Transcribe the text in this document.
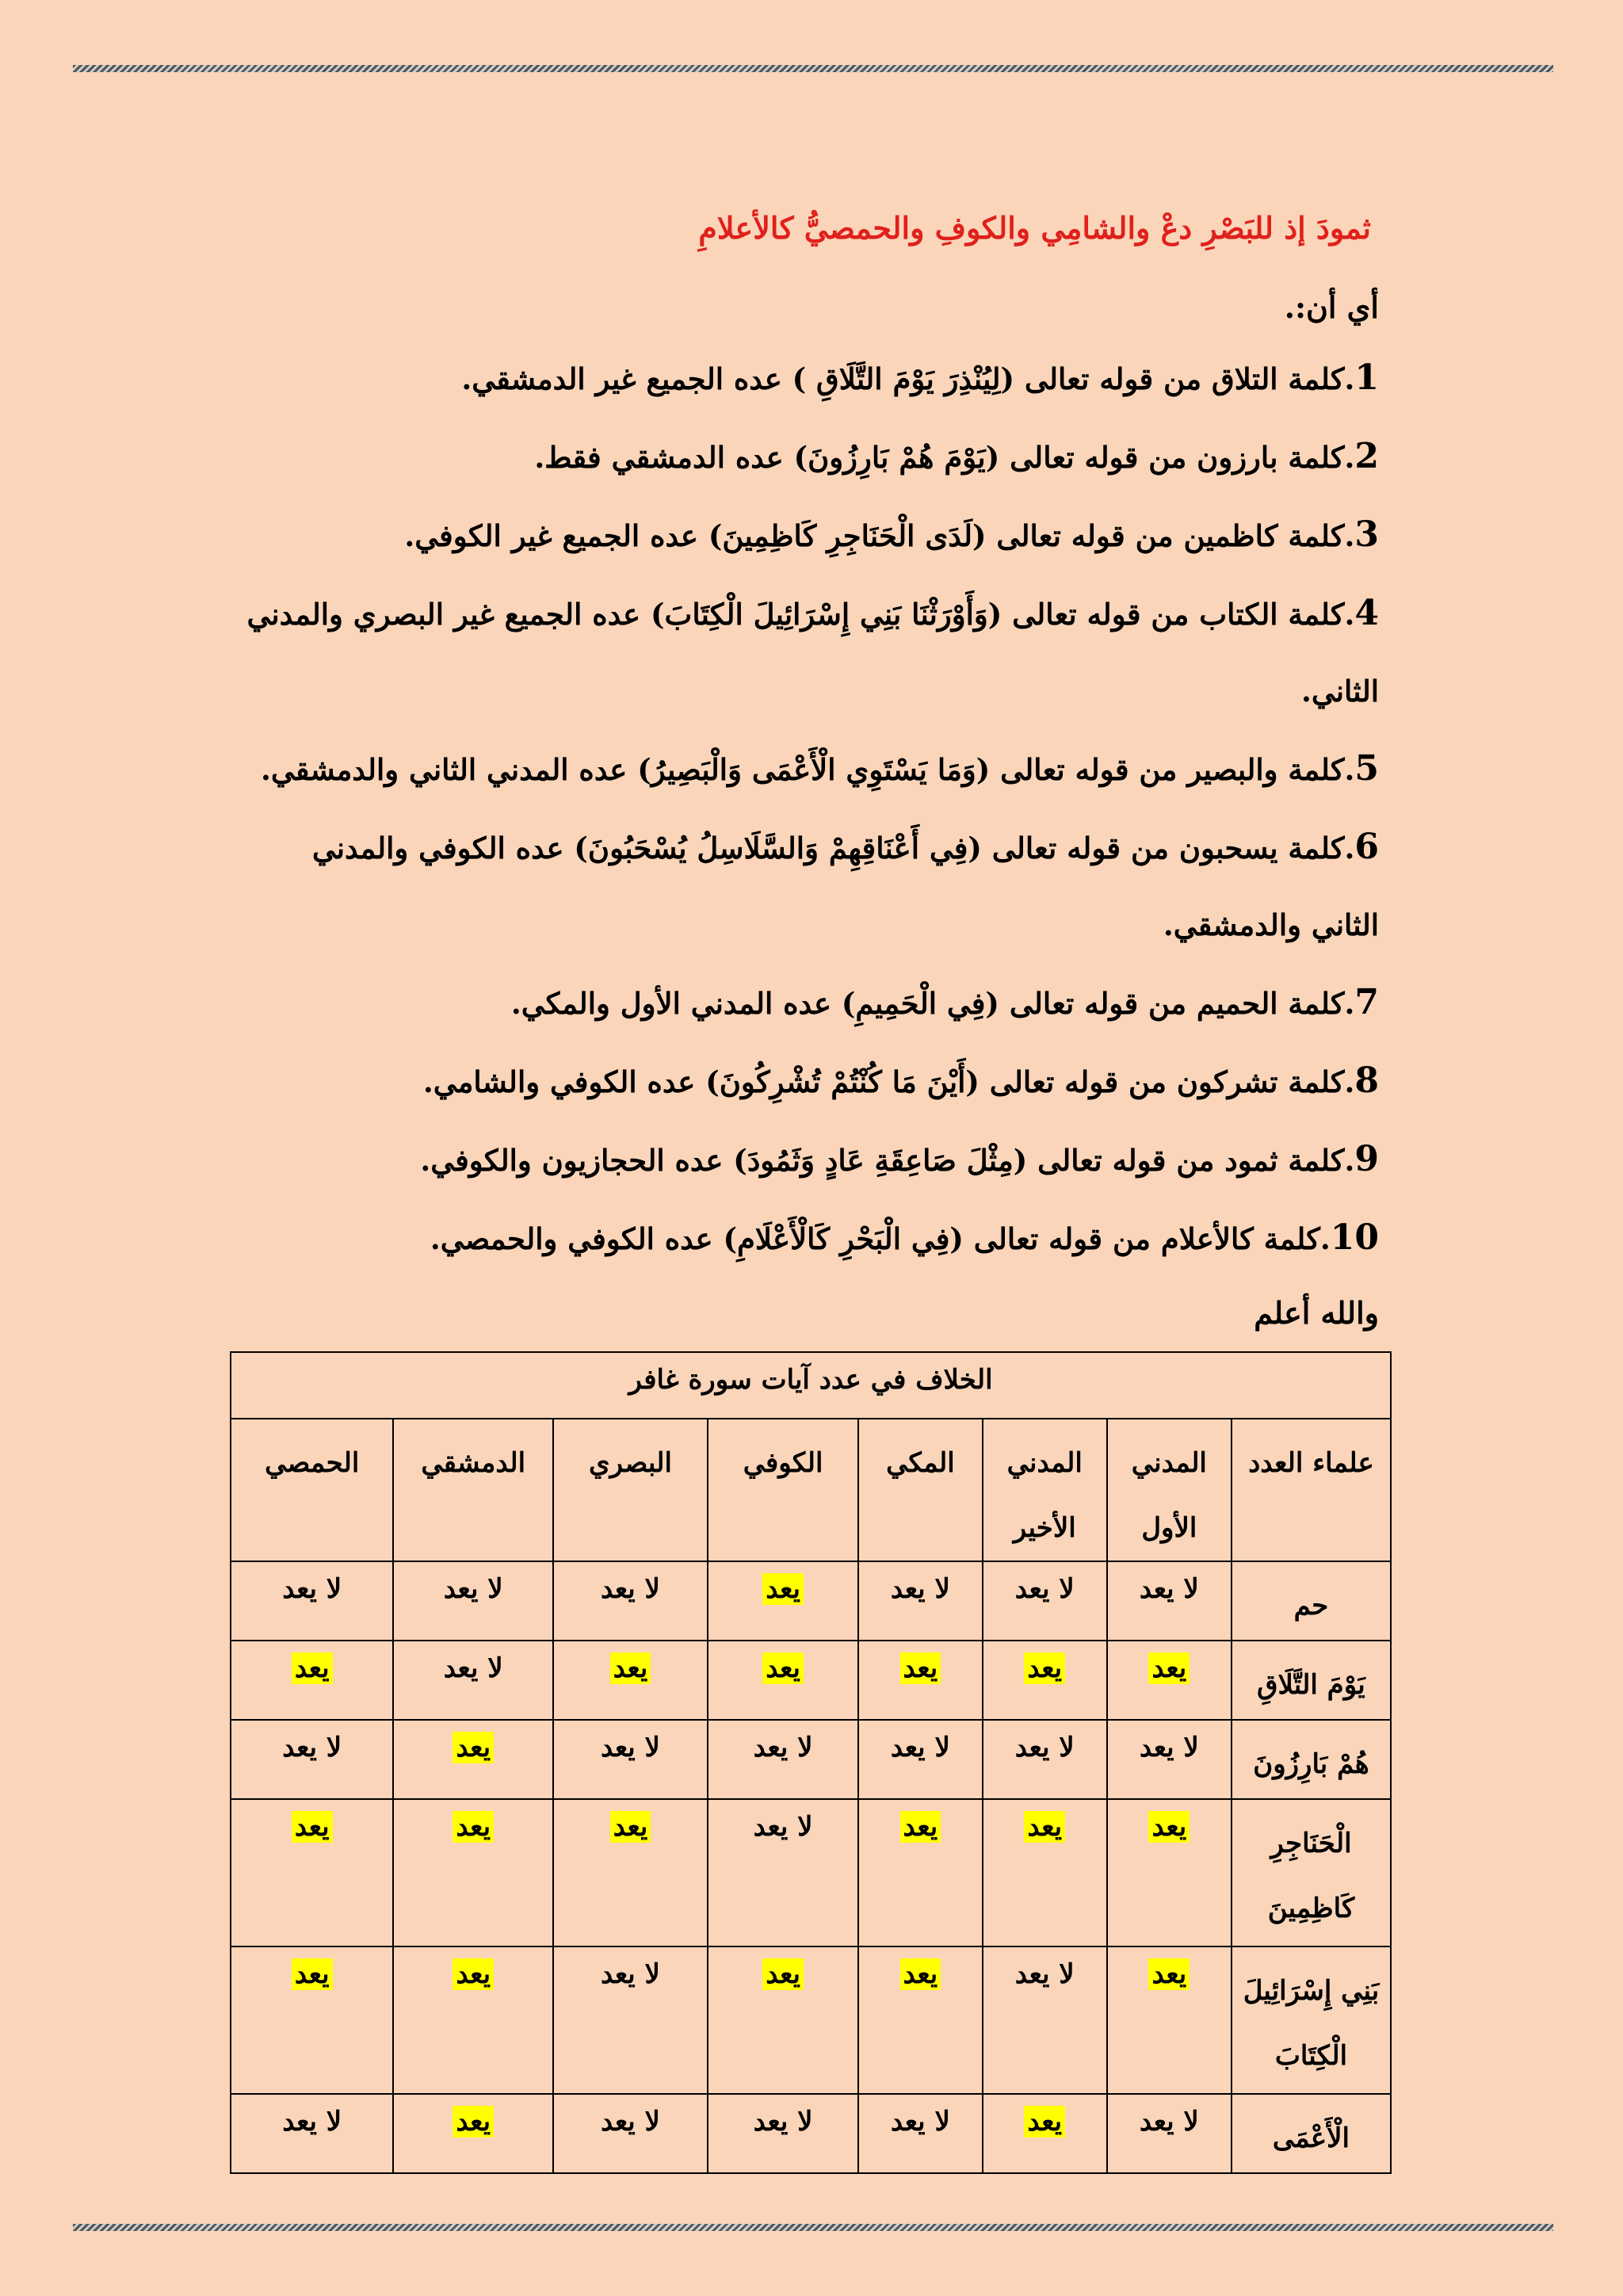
ثمودَ إذ للبَصْرِ دعْ والشامِي والكوفِ والحمصيُّ كالأعلامِ

أي أن:.

1.كلمة التلاق من قوله تعالى (لِيُنْذِرَ يَوْمَ التَّلَاقِ ) عده الجميع غير الدمشقي.
2.كلمة بارزون من قوله تعالى (يَوْمَ هُمْ بَارِزُونَ) عده الدمشقي فقط.
3.كلمة كاظمين من قوله تعالى (لَدَى الْحَنَاجِرِ كَاظِمِينَ) عده الجميع غير الكوفي.
4.كلمة الكتاب من قوله تعالى (وَأَوْرَثْنَا بَنِي إِسْرَائِيلَ الْكِتَابَ) عده الجميع غير البصري والمدني الثاني.
5.كلمة والبصير من قوله تعالى (وَمَا يَسْتَوِي الْأَعْمَى وَالْبَصِيرُ) عده المدني الثاني والدمشقي.
6.كلمة يسحبون من قوله تعالى (فِي أَعْنَاقِهِمْ وَالسَّلَاسِلُ يُسْحَبُونَ) عده الكوفي والمدني الثاني والدمشقي.
7.كلمة الحميم من قوله تعالى (فِي الْحَمِيمِ) عده المدني الأول والمكي.
8.كلمة تشركون من قوله تعالى (أَيْنَ مَا كُنْتُمْ تُشْرِكُونَ) عده الكوفي والشامي.
9.كلمة ثمود من قوله تعالى (مِثْلَ صَاعِقَةِ عَادٍ وَثَمُودَ) عده الحجازيون والكوفي.
10.كلمة كالأعلام من قوله تعالى (فِي الْبَحْرِ كَالْأَعْلَامِ) عده الكوفي والحمصي.

والله أعلم

الخلاف في عدد آيات سورة غافر							
علماء العدد	المدني الأول	المدني الأخير	المكي	الكوفي	البصري	الدمشقي	الحمصي
حم	لا يعد	لا يعد	لا يعد	يعد	لا يعد	لا يعد	لا يعد
يَوْمَ التَّلَاقِ	يعد	يعد	يعد	يعد	يعد	لا يعد	يعد
هُمْ بَارِزُونَ	لا يعد	لا يعد	لا يعد	لا يعد	لا يعد	يعد	لا يعد
الْحَنَاجِرِ كَاظِمِينَ	يعد	يعد	يعد	لا يعد	يعد	يعد	يعد
بَنِي إِسْرَائِيلَ الْكِتَابَ	يعد	لا يعد	يعد	يعد	لا يعد	يعد	يعد
الْأَعْمَى	لا يعد	يعد	لا يعد	لا يعد	لا يعد	يعد	لا يعد
